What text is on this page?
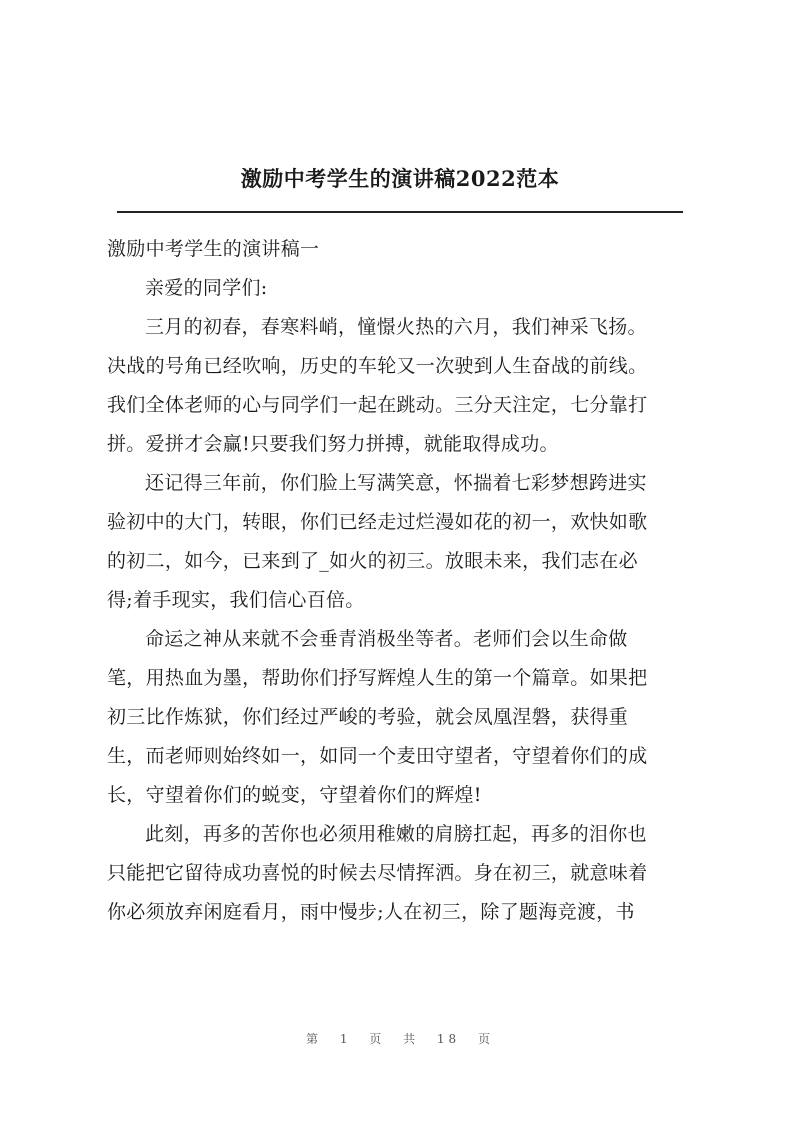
激励中考学生的演讲稿2022范本
激励中考学生的演讲稿一
亲爱的同学们:
三月的初春，春寒料峭，憧憬火热的六月，我们神采飞扬。
决战的号角已经吹响，历史的车轮又一次驶到人生奋战的前线。
我们全体老师的心与同学们一起在跳动。三分天注定，七分靠打
拼。爱拼才会赢!只要我们努力拼搏，就能取得成功。
还记得三年前，你们脸上写满笑意，怀揣着七彩梦想跨进实
验初中的大门，转眼，你们已经走过烂漫如花的初一，欢快如歌
的初二，如今，已来到了_如火的初三。放眼未来，我们志在必
得;着手现实，我们信心百倍。
命运之神从来就不会垂青消极坐等者。老师们会以生命做
笔，用热血为墨，帮助你们抒写辉煌人生的第一个篇章。如果把
初三比作炼狱，你们经过严峻的考验，就会凤凰涅磐，获得重
生，而老师则始终如一，如同一个麦田守望者，守望着你们的成
长，守望着你们的蜕变，守望着你们的辉煌!
此刻，再多的苦你也必须用稚嫩的肩膀扛起，再多的泪你也
只能把它留待成功喜悦的时候去尽情挥洒。身在初三，就意味着
你必须放弃闲庭看月，雨中慢步;人在初三，除了题海竞渡，书
第 1 页 共 18 页
